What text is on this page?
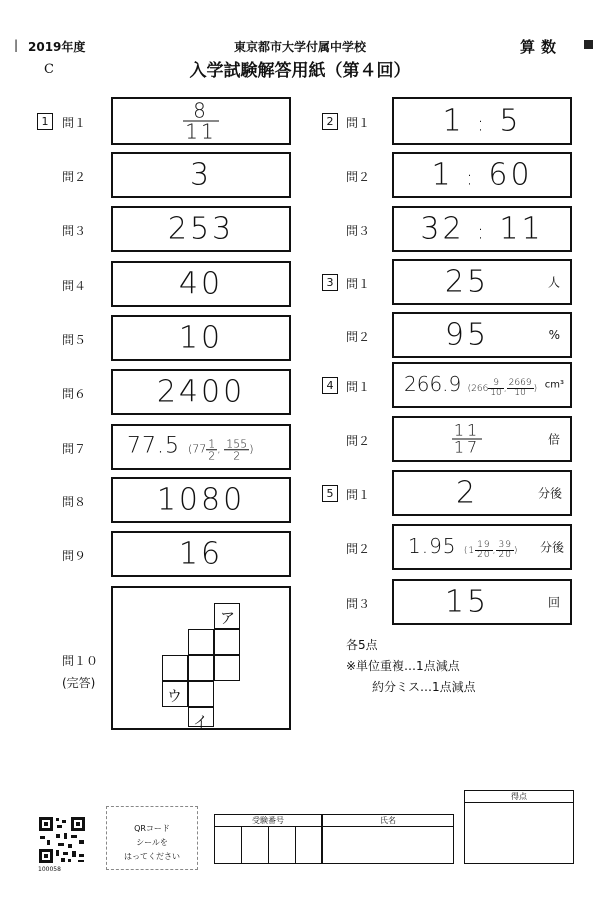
| 2019年度	東京都市大学付属中学校
入学試験解答用紙（第４回）
算数
C
1	問１	$\frac{8}{11}$
問２	3
問３	253
問４	40
問５	10
問６	2400
問７	77.5 ($77 \frac{1}{2}$ , $\frac{155}{2}$ )
問８	1080
問９	16
問１０
(完答)
ア
ウ
イ
2	問１	1 : 5
問２	1 : 60
問３	32 : 11
3	問１	25	人
問２	95	%
4	問１	266.9 ($266 \frac{9}{10}$ , $\frac{2669}{10}$ ) cm³
問２	$\frac{11}{17}$	倍
5	問１	2	分後
問２	1.95 ($1 \frac{19}{20}$ , $\frac{39}{20}$ )	分後
問３	15	回
各5点
※単位重複…1点減点
約分ミス…1点減点
100058
QRコード
シールを
はってください
受験番号	氏名
得点
